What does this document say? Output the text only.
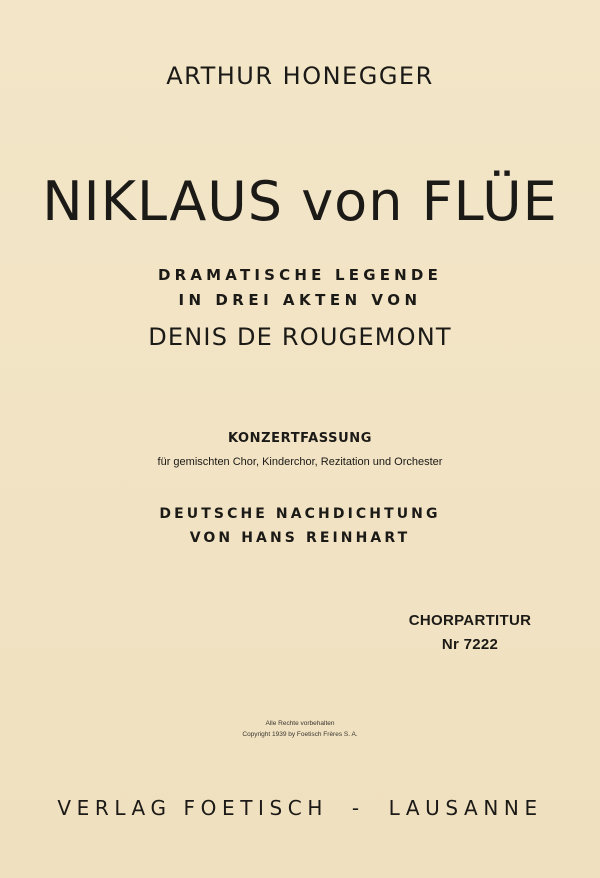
ARTHUR HONEGGER
NIKLAUS von FLÜE
DRAMATISCHE LEGENDE
IN DREI AKTEN VON
DENIS DE ROUGEMONT
KONZERTFASSUNG
für gemischten Chor, Kinderchor, Rezitation und Orchester
DEUTSCHE NACHDICHTUNG
VON HANS REINHART
CHORPARTITUR
Nr 7222
Alle Rechte vorbehalten
Copyright 1939 by Foetisch Frères S. A.
VERLAG FOETISCH  -  LAUSANNE
